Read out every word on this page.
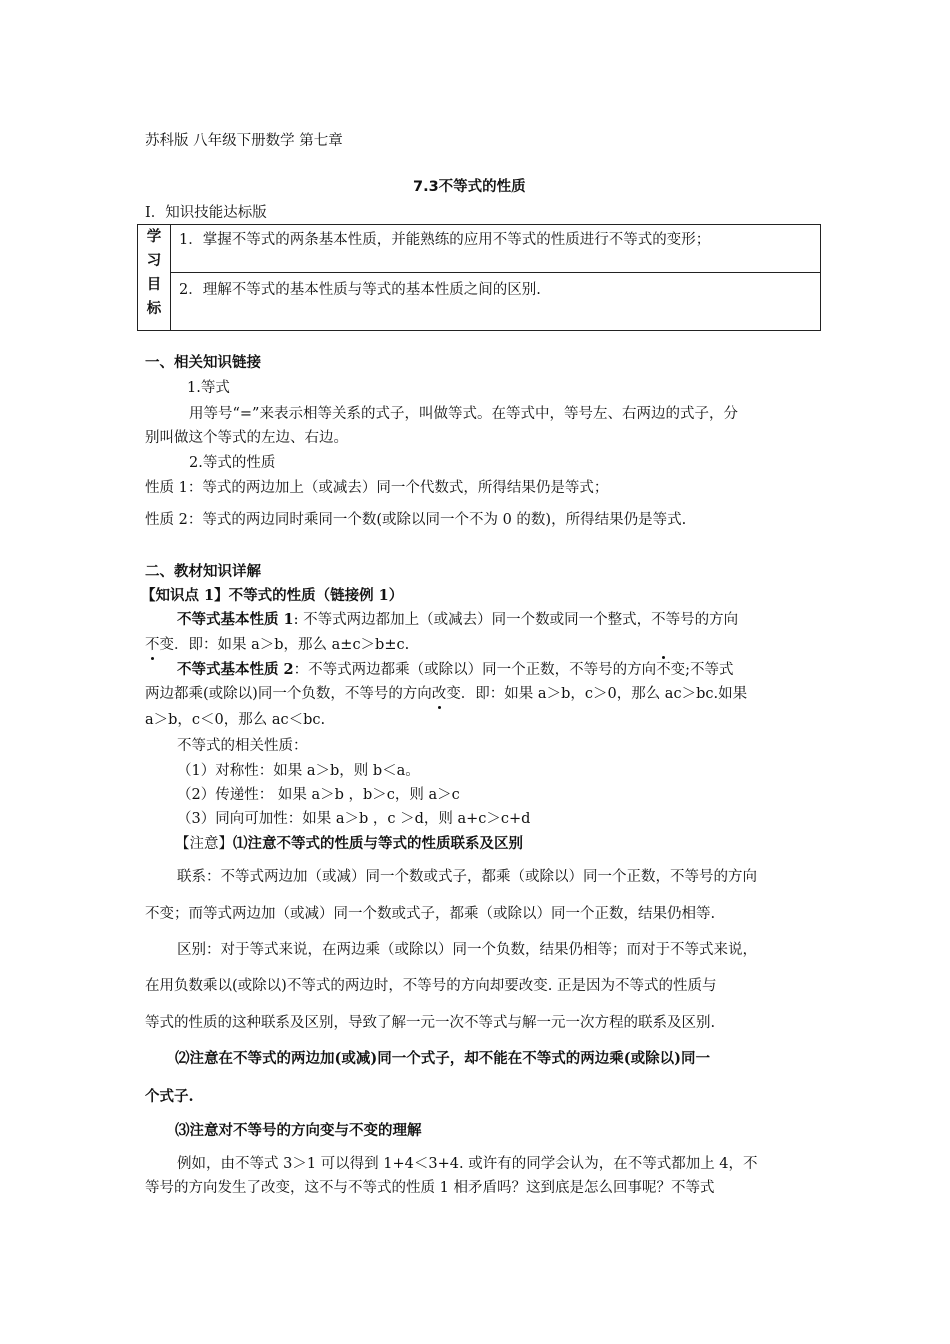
苏科版 八年级下册数学 第七章
7.3不等式的性质
I．知识技能达标版
学
习
目
标
	1．掌握不等式的两条基本性质，并能熟练的应用不等式的性质进行不等式的变形；
2．理解不等式的基本性质与等式的基本性质之间的区别.
一、相关知识链接
1.等式
用等号“=”来表示相等关系的式子，叫做等式。在等式中，等号左、右两边的式子，分
别叫做这个等式的左边、右边。
2.等式的性质
性质 1：等式的两边加上（或减去）同一个代数式，所得结果仍是等式；
性质 2：等式的两边同时乘同一个数(或除以同一个不为 0 的数)，所得结果仍是等式.
二、教材知识详解
【知识点 1】不等式的性质（链接例 1）
不等式基本性质 1: 不等式两边都加上（或减去）同一个数或同一个整式，不等号的方向
不变．即：如果 a＞b，那么 a±c＞b±c.
不等式基本性质 2：不等式两边都乘（或除以）同一个正数，不等号的方向不变;不等式
两边都乘(或除以)同一个负数，不等号的方向改变．即：如果 a＞b，c＞0，那么 ac＞bc.如果
a＞b，c＜0，那么 ac＜bc.
不等式的相关性质：
（1）对称性：如果 a＞b，则 b＜a。
（2）传递性： 如果 a＞b ，b＞c，则 a＞c
（3）同向可加性：如果 a＞b ，c ＞d，则 a+c＞c+d
【注意】⑴注意不等式的性质与等式的性质联系及区别
联系：不等式两边加（或减）同一个数或式子，都乘（或除以）同一个正数，不等号的方向
不变；而等式两边加（或减）同一个数或式子，都乘（或除以）同一个正数，结果仍相等.
区别：对于等式来说，在两边乘（或除以）同一个负数，结果仍相等；而对于不等式来说，
在用负数乘以(或除以)不等式的两边时，不等号的方向却要改变. 正是因为不等式的性质与
等式的性质的这种联系及区别，导致了解一元一次不等式与解一元一次方程的联系及区别.
⑵注意在不等式的两边加(或减)同一个式子，却不能在不等式的两边乘(或除以)同一
个式子.
⑶注意对不等号的方向变与不变的理解
例如，由不等式 3＞1 可以得到 1+4＜3+4. 或许有的同学会认为，在不等式都加上 4，不
等号的方向发生了改变，这不与不等式的性质 1 相矛盾吗？这到底是怎么回事呢？不等式
